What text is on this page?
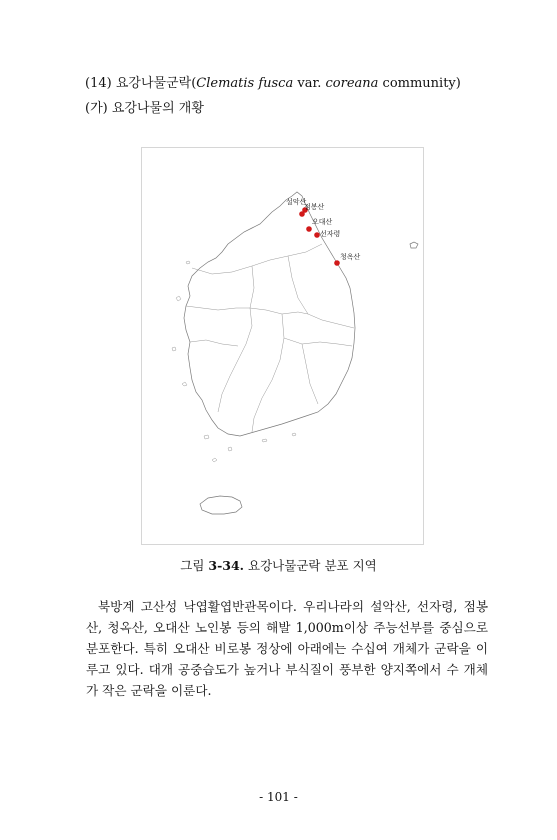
(14) 요강나물군락(Clematis fusca var. coreana community)
(가) 요강나물의 개황
설악산
점봉산
오대산
선자령
청옥산
그림 3-34. 요강나물군락 분포 지역

북방계 고산성 낙엽활엽반관목이다. 우리나라의 설악산, 선자령, 점봉산, 청옥산, 오대산 노인봉 등의 해발 1,000m이상 주능선부를 중심으로 분포한다. 특히 오대산 비로봉 정상에 아래에는 수십여 개체가 군락을 이루고 있다. 대개 공중습도가 높거나 부식질이 풍부한 양지쪽에서 수 개체가 작은 군락을 이룬다.

- 101 -
